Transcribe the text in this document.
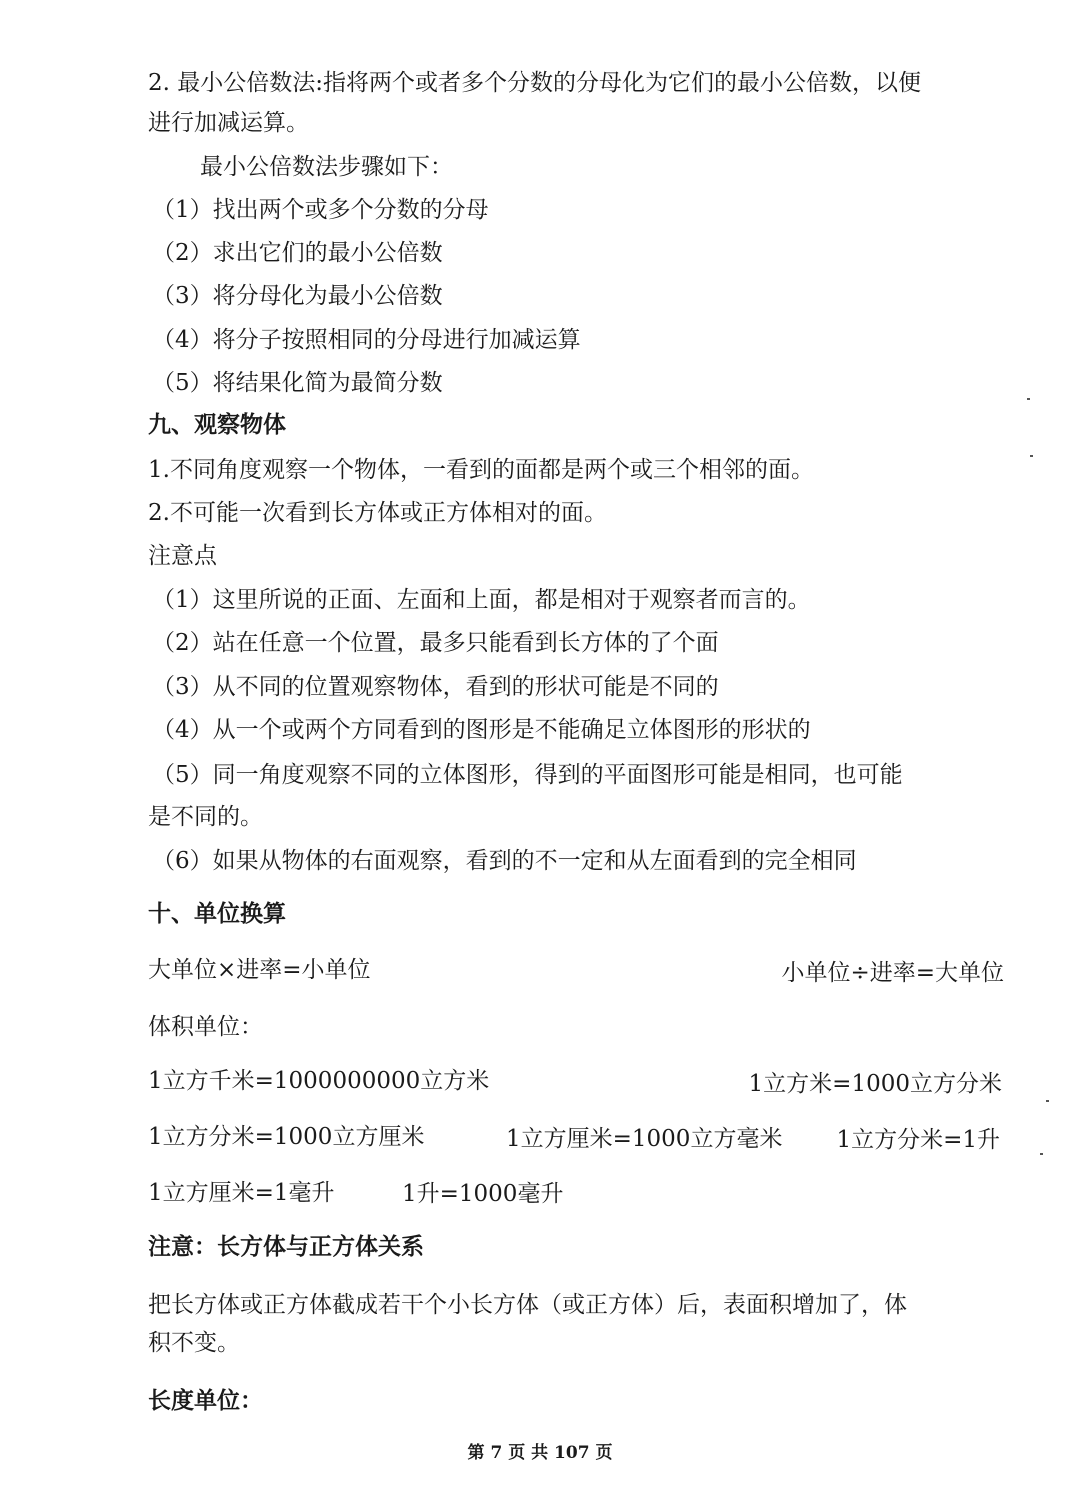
2. 最小公倍数法:指将两个或者多个分数的分母化为它们的最小公倍数，以便
进行加减运算。
最小公倍数法步骤如下：
（1）找出两个或多个分数的分母
（2）求出它们的最小公倍数
（3）将分母化为最小公倍数
（4）将分子按照相同的分母进行加减运算
（5）将结果化简为最简分数
九、观察物体
1.不同角度观察一个物体，一看到的面都是两个或三个相邻的面。
2.不可能一次看到长方体或正方体相对的面。
注意点
（1）这里所说的正面、左面和上面，都是相对于观察者而言的。
（2）站在任意一个位置，最多只能看到长方体的了个面
（3）从不同的位置观察物体，看到的形状可能是不同的
（4）从一个或两个方同看到的图形是不能确足立体图形的形状的
（5）同一角度观察不同的立体图形，得到的平面图形可能是相同，也可能
是不同的。
（6）如果从物体的右面观察，看到的不一定和从左面看到的完全相同
十、单位换算
大单位×进率=小单位	小单位÷进率=大单位
体积单位：
1立方千米=1000000000立方米	1立方米=1000立方分米
1立方分米=1000立方厘米	1立方厘米=1000立方毫米 1立方分米=1升
1立方厘米=1毫升	1升=1000毫升
注意：长方体与正方体关系
把长方体或正方体截成若干个小长方体（或正方体）后，表面积增加了，体
积不变。
长度单位：
第 7 页 共 107 页
